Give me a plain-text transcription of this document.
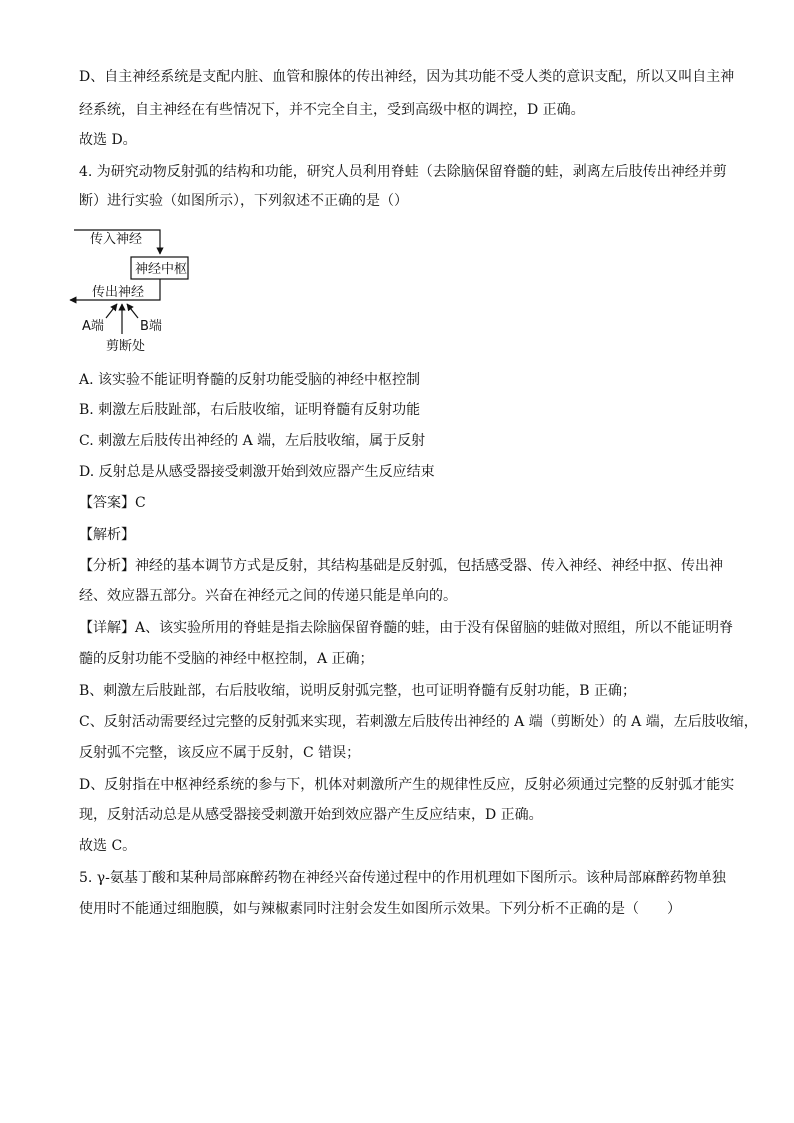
D、自主神经系统是支配内脏、血管和腺体的传出神经，因为其功能不受人类的意识支配，所以又叫自主神
经系统，自主神经在有些情况下，并不完全自主，受到高级中枢的调控，D 正确。
故选 D。
4. 为研究动物反射弧的结构和功能，研究人员利用脊蛙（去除脑保留脊髓的蛙，剥离左后肢传出神经并剪
断）进行实验（如图所示），下列叙述不正确的是（）
传入神经
神经中枢
传出神经
A端	B端
剪断处
A. 该实验不能证明脊髓的反射功能受脑的神经中枢控制
B. 刺激左后肢趾部，右后肢收缩，证明脊髓有反射功能
C. 刺激左后肢传出神经的 A 端，左后肢收缩，属于反射
D. 反射总是从感受器接受刺激开始到效应器产生反应结束
【答案】C
【解析】
【分析】神经的基本调节方式是反射，其结构基础是反射弧，包括感受器、传入神经、神经中抠、传出神
经、效应器五部分。兴奋在神经元之间的传递只能是单向的。
【详解】A、该实验所用的脊蛙是指去除脑保留脊髓的蛙，由于没有保留脑的蛙做对照组，所以不能证明脊
髓的反射功能不受脑的神经中枢控制，A 正确；
B、刺激左后肢趾部，右后肢收缩，说明反射弧完整，也可证明脊髓有反射功能，B 正确；
C、反射活动需要经过完整的反射弧来实现，若刺激左后肢传出神经的 A 端（剪断处）的 A 端，左后肢收缩，
反射弧不完整，该反应不属于反射，C 错误；
D、反射指在中枢神经系统的参与下，机体对刺激所产生的规律性反应，反射必须通过完整的反射弧才能实
现，反射活动总是从感受器接受刺激开始到效应器产生反应结束，D 正确。
故选 C。
5. γ-氨基丁酸和某种局部麻醉药物在神经兴奋传递过程中的作用机理如下图所示。该种局部麻醉药物单独
使用时不能通过细胞膜，如与辣椒素同时注射会发生如图所示效果。下列分析不正确的是（　　）
